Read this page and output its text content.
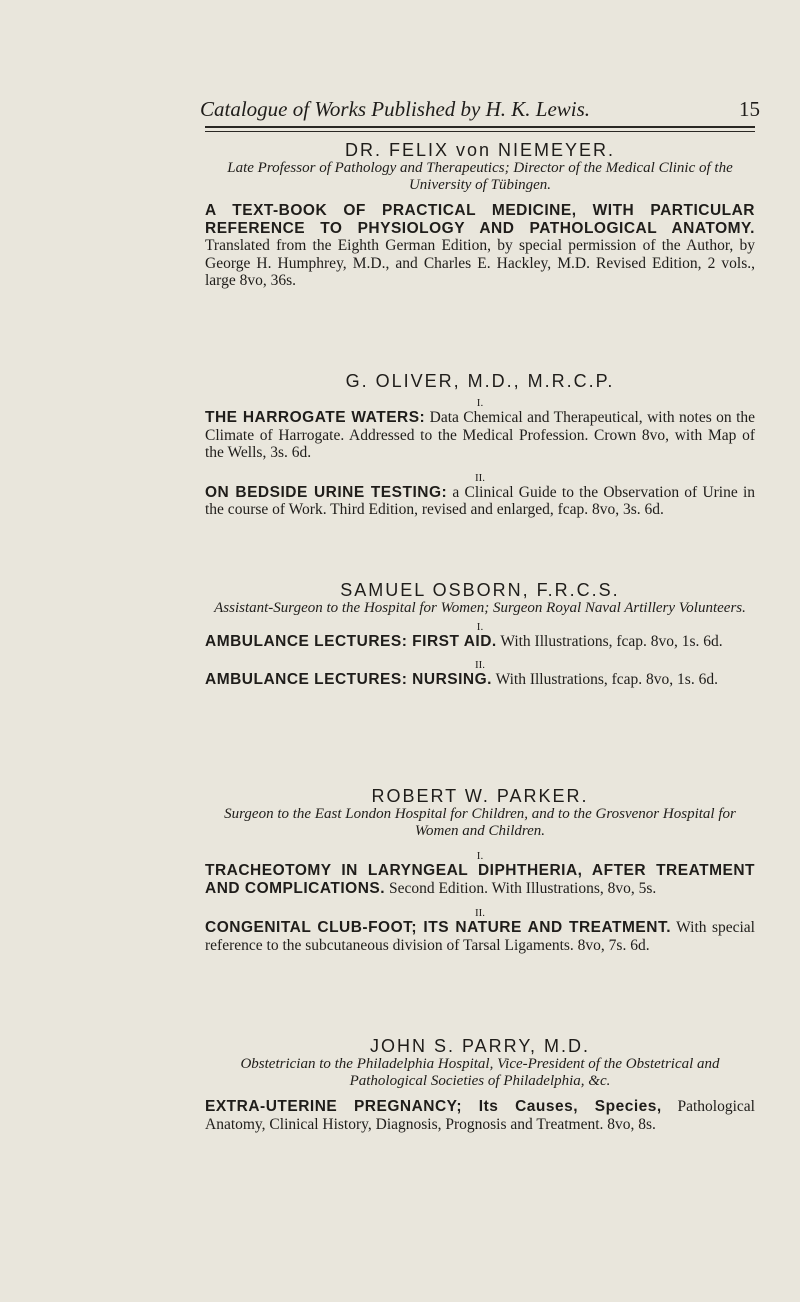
Catalogue of Works Published by H. K. Lewis.	15
DR. FELIX von NIEMEYER.
Late Professor of Pathology and Therapeutics; Director of the Medical Clinic of the University of Tübingen.
A TEXT-BOOK OF PRACTICAL MEDICINE, WITH PARTICULAR REFERENCE TO PHYSIOLOGY AND PATHOLOGICAL ANATOMY. Translated from the Eighth German Edition, by special permission of the Author, by George H. Humphrey, M.D., and Charles E. Hackley, M.D. Revised Edition, 2 vols., large 8vo, 36s.
G. OLIVER, M.D., M.R.C.P.
I.
THE HARROGATE WATERS: Data Chemical and Therapeutical, with notes on the Climate of Harrogate. Addressed to the Medical Profession. Crown 8vo, with Map of the Wells, 3s. 6d.
II.
ON BEDSIDE URINE TESTING: a Clinical Guide to the Observation of Urine in the course of Work. Third Edition, revised and enlarged, fcap. 8vo, 3s. 6d.
SAMUEL OSBORN, F.R.C.S.
Assistant-Surgeon to the Hospital for Women; Surgeon Royal Naval Artillery Volunteers.
I.
AMBULANCE LECTURES: FIRST AID. With Illustrations, fcap. 8vo, 1s. 6d.
II.
AMBULANCE LECTURES: NURSING. With Illustrations, fcap. 8vo, 1s. 6d.
ROBERT W. PARKER.
Surgeon to the East London Hospital for Children, and to the Grosvenor Hospital for Women and Children.
I.
TRACHEOTOMY IN LARYNGEAL DIPHTHERIA, AFTER TREATMENT AND COMPLICATIONS. Second Edition. With Illustrations, 8vo, 5s.
II.
CONGENITAL CLUB-FOOT; ITS NATURE AND TREATMENT. With special reference to the subcutaneous division of Tarsal Ligaments. 8vo, 7s. 6d.
JOHN S. PARRY, M.D.
Obstetrician to the Philadelphia Hospital, Vice-President of the Obstetrical and Pathological Societies of Philadelphia, &c.
EXTRA-UTERINE PREGNANCY; Its Causes, Species, Pathological Anatomy, Clinical History, Diagnosis, Prognosis and Treatment. 8vo, 8s.
